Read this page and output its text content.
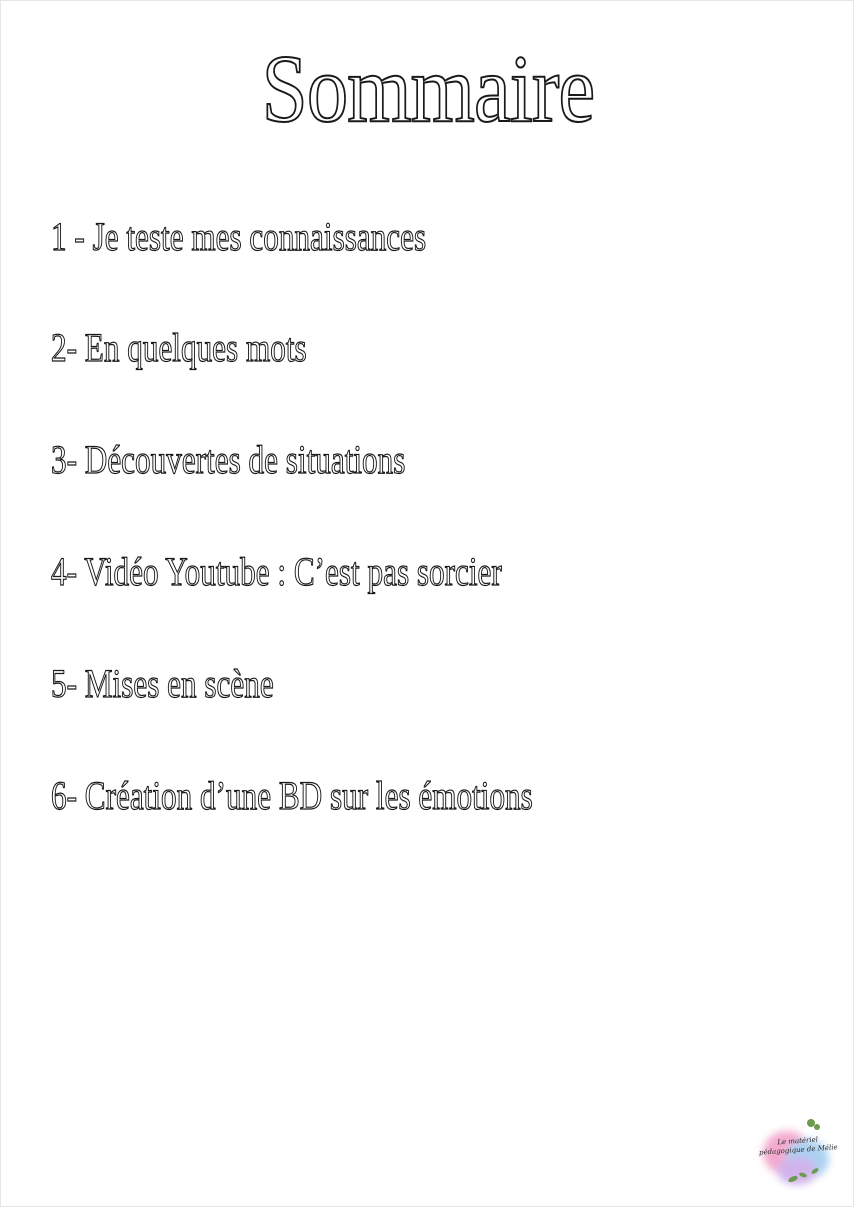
Sommaire
1 - Je teste mes connaissances
2- En quelques mots
3- Découvertes de situations
4- Vidéo Youtube : C’est pas sorcier
5- Mises en scène
6- Création d’une BD sur les émotions
Le matériel pédagogique de Mélie
